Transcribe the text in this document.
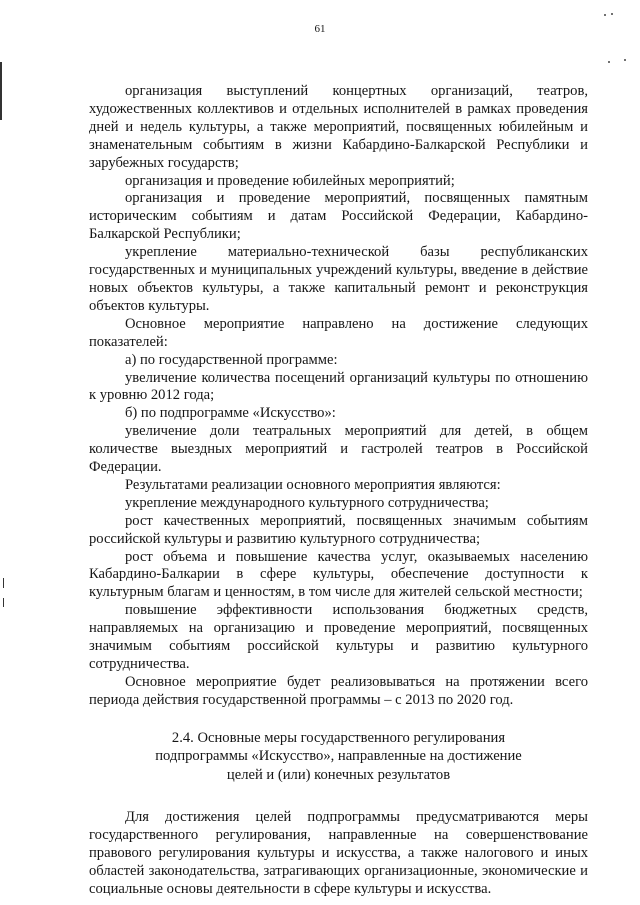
61

организация выступлений концертных организаций, театров, художественных коллективов и отдельных исполнителей в рамках проведения дней и недель культуры, а также мероприятий, посвященных юбилейным и знаменательным событиям в жизни Кабардино-Балкарской Республики и зарубежных государств;

организация и проведение юбилейных мероприятий;

организация и проведение мероприятий, посвященных памятным историческим событиям и датам Российской Федерации, Кабардино-Балкарской Республики;

укрепление материально-технической базы республиканских государственных и муниципальных учреждений культуры, введение в действие новых объектов культуры, а также капитальный ремонт и реконструкция объектов культуры.

Основное мероприятие направлено на достижение следующих показателей:

а) по государственной программе:

увеличение количества посещений организаций культуры по отношению к уровню 2012 года;

б) по подпрограмме «Искусство»:

увеличение доли театральных мероприятий для детей, в общем количестве выездных мероприятий и гастролей театров в Российской Федерации.

Результатами реализации основного мероприятия являются:

укрепление международного культурного сотрудничества;

рост качественных мероприятий, посвященных значимым событиям российской культуры и развитию культурного сотрудничества;

рост объема и повышение качества услуг, оказываемых населению Кабардино-Балкарии в сфере культуры, обеспечение доступности к культурным благам и ценностям, в том числе для жителей сельской местности;

повышение эффективности использования бюджетных средств, направляемых на организацию и проведение мероприятий, посвященных значимым событиям российской культуры и развитию культурного сотрудничества.

Основное мероприятие будет реализовываться на протяжении всего периода действия государственной программы – с 2013 по 2020 год.

2.4. Основные меры государственного регулирования
подпрограммы «Искусство», направленные на достижение
целей и (или) конечных результатов

Для достижения целей подпрограммы предусматриваются меры государственного регулирования, направленные на совершенствование правового регулирования культуры и искусства, а также налогового и иных областей законодательства, затрагивающих организационные, экономические и социальные основы деятельности в сфере культуры и искусства.
